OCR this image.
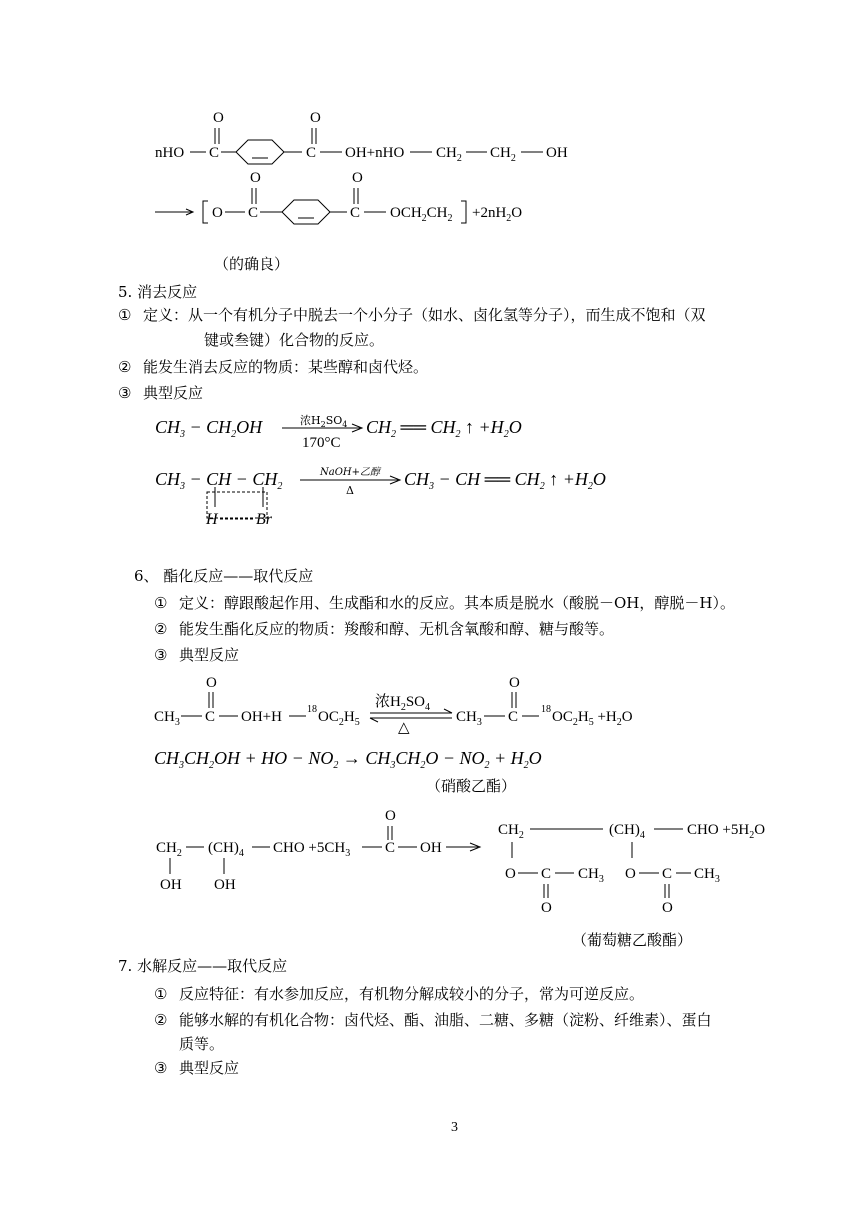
O
nHO C
O
C OH+nHO $CH_2$ $CH_2$ OH
O	O
O C	C $OCH_2CH_2 +2nH_2O$
（的确良）
5. 消去反应
① 定义：从一个有机分子中脱去一个小分子（如水、卤化氢等分子），而生成不饱和（双
键或叁键）化合物的反应。
② 能发生消去反应的物质：某些醇和卤代烃。
③ 典型反应
$CH_3 - CH_2OH$	浓$H_2SO_4$
170°C
$CH_2$ ══ $CH_2$ ↑ $+H_2O$
$CH_3$ − CH − $CH_2$
NaOH+乙醇
Δ
$CH_3$ − CH ══ $CH_2$ ↑ $+H_2O$
H Br
6、 酯化反应——取代反应
① 定义：醇跟酸起作用、生成酯和水的反应。其本质是脱水（酸脱－OH，醇脱－H）。
② 能发生酯化反应的物质：羧酸和醇、无机含氧酸和醇、糖与酸等。
③ 典型反应
O
$CH_3$ C OH+H	18 $OC_2H_5$
浓$H_2SO_4$
△
$CH_3$
O
C 18 $OC_2H_5 +H_2O$
$CH_3CH_2OH$ + HO − $NO_2 \to CH_3CH_2O - NO_2 + H_2O$
$CH_2$ $(CH)_4$ CHO $+5CH_3$
O
C OH
OH OH
$CH_2$	$(CH)_4$	CHO $+5H_2O$
O C $CH_3$
O
O C $CH_3$
O
（硝酸乙酯）
（葡萄糖乙酸酯）
7. 水解反应——取代反应
① 反应特征：有水参加反应，有机物分解成较小的分子，常为可逆反应。
② 能够水解的有机化合物：卤代烃、酯、油脂、二糖、多糖（淀粉、纤维素）、蛋白
质等。
③ 典型反应
3
